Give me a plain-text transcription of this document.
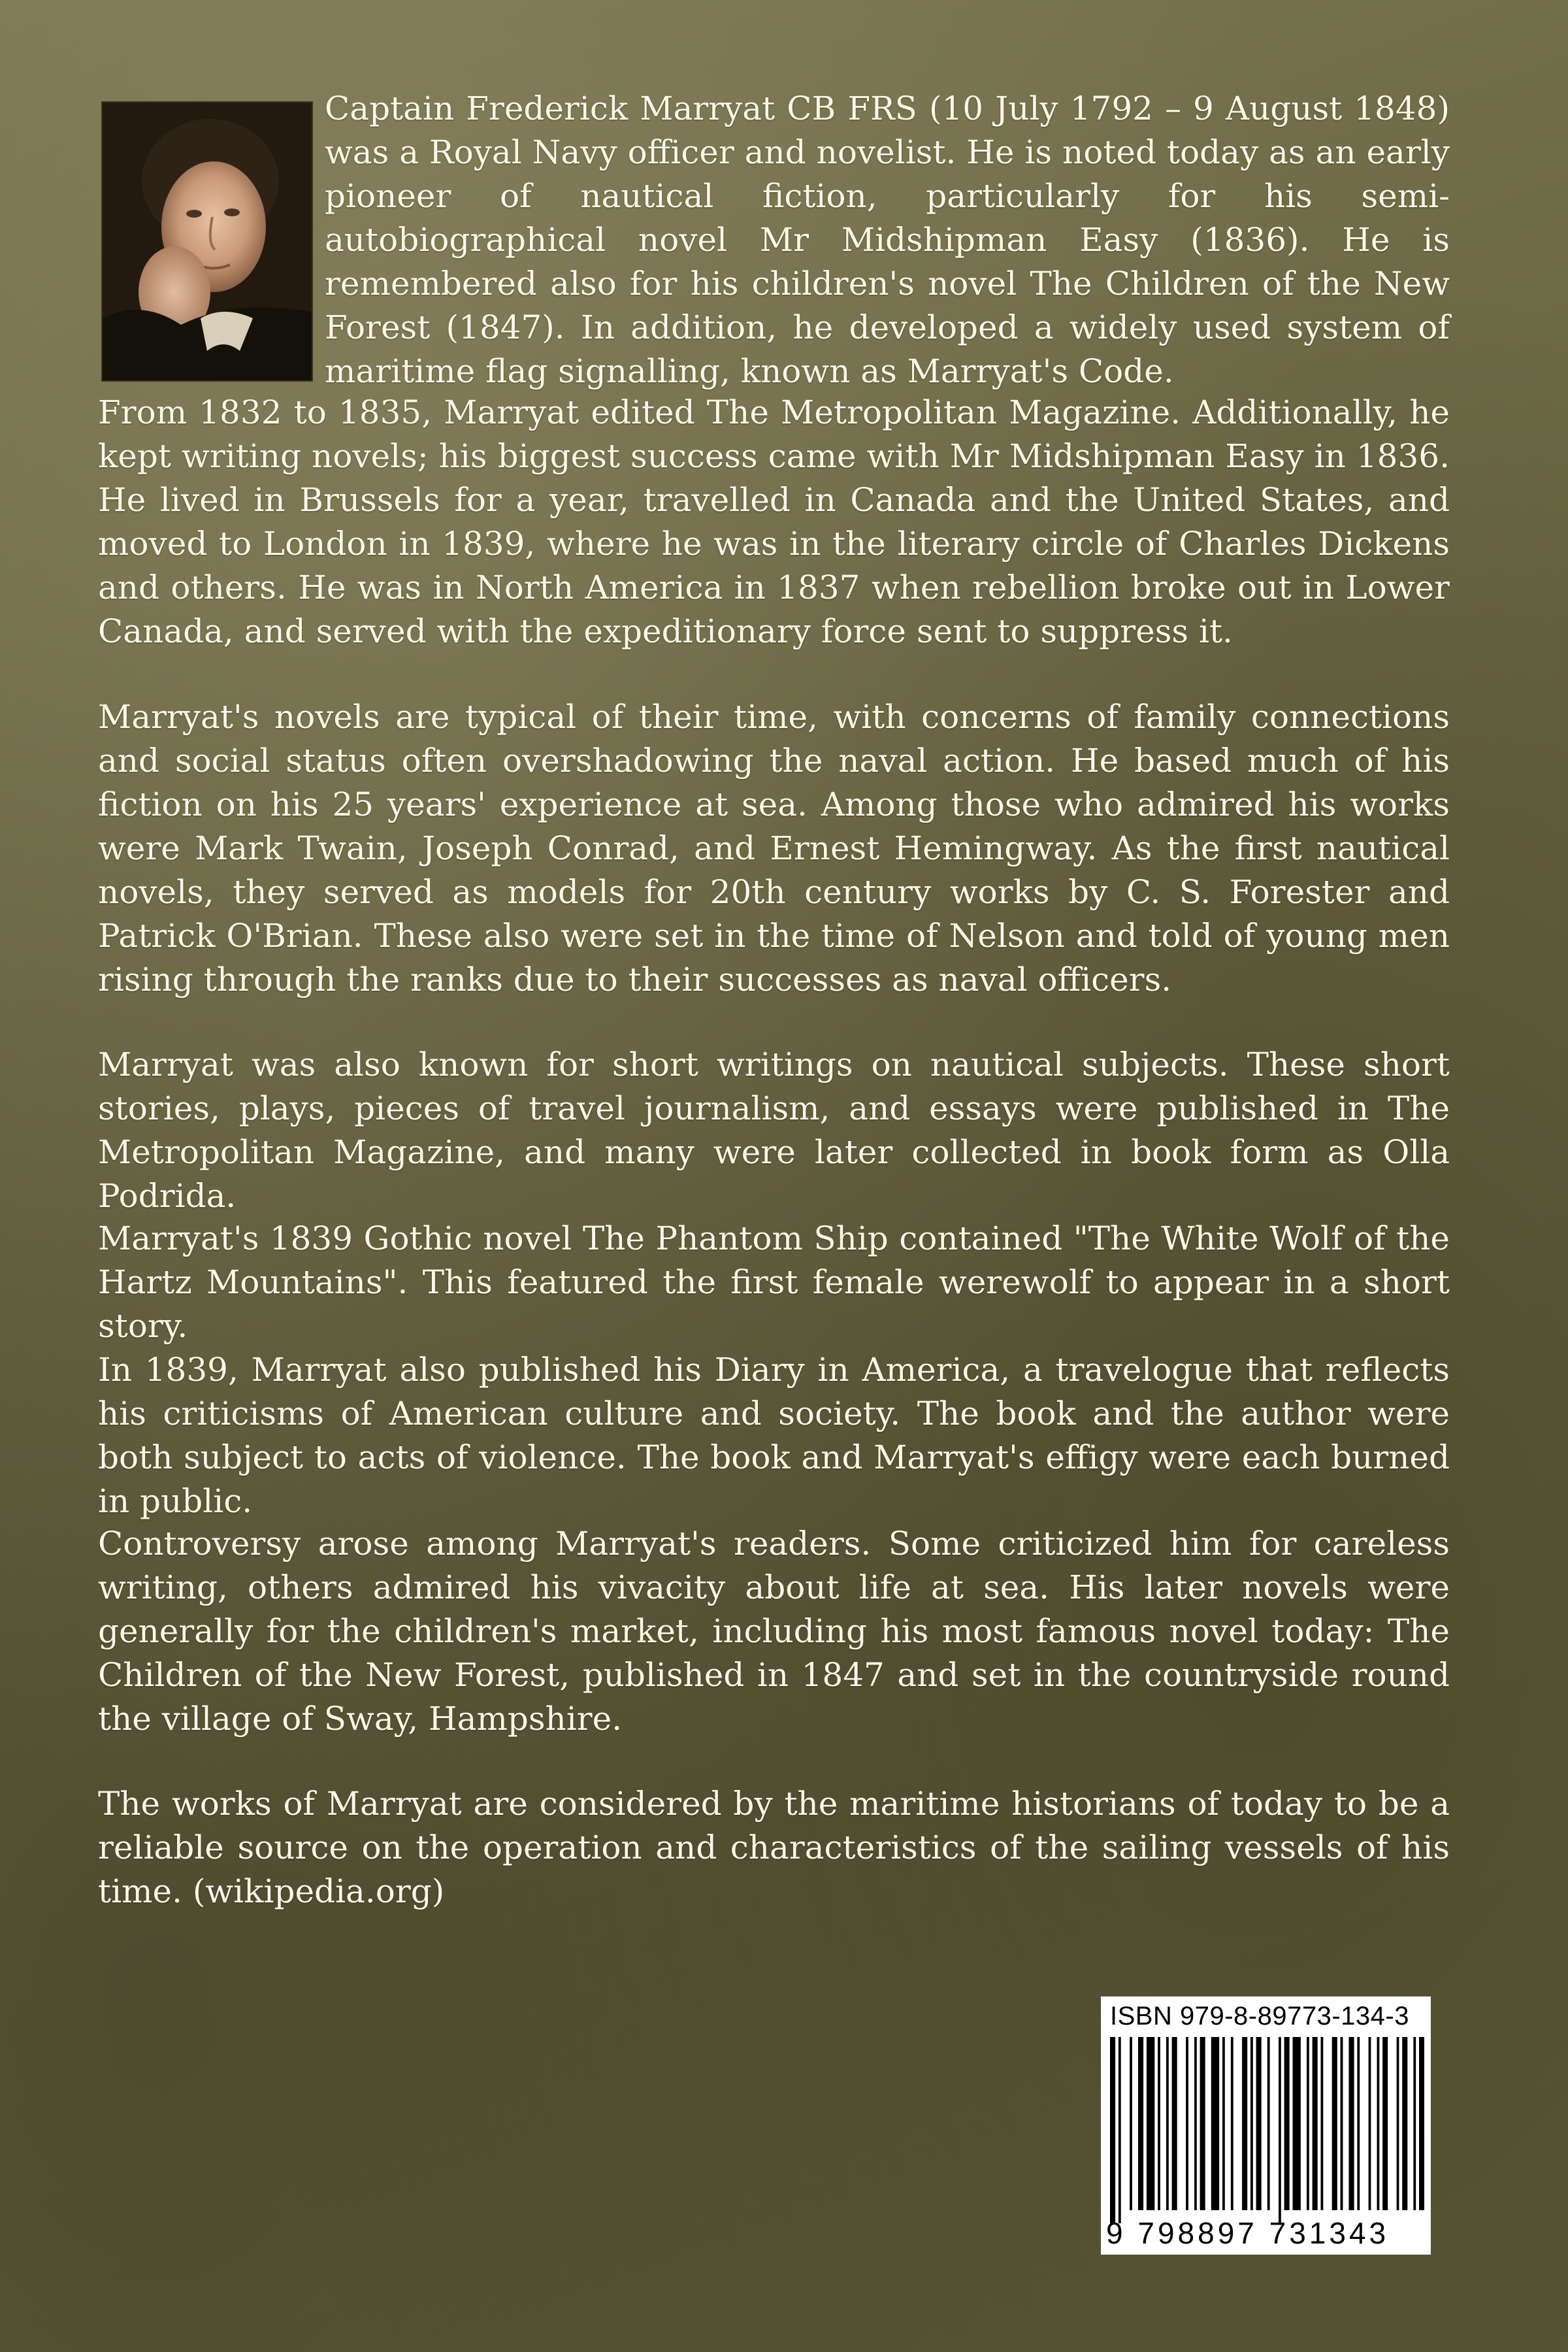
Captain Frederick Marryat CB FRS (10 July 1792 – 9 August 1848) was a Royal Navy officer and novelist. He is noted today as an early pioneer of nautical fiction, particularly for his semi-autobiographical novel Mr Midshipman Easy (1836). He is remembered also for his children's novel The Children of the New Forest (1847). In addition, he developed a widely used system of maritime flag signalling, known as Marryat's Code.

From 1832 to 1835, Marryat edited The Metropolitan Magazine. Additionally, he kept writing novels; his biggest success came with Mr Midshipman Easy in 1836. He lived in Brussels for a year, travelled in Canada and the United States, and moved to London in 1839, where he was in the literary circle of Charles Dickens and others. He was in North America in 1837 when rebellion broke out in Lower Canada, and served with the expeditionary force sent to suppress it.

Marryat's novels are typical of their time, with concerns of family connections and social status often overshadowing the naval action. He based much of his fiction on his 25 years' experience at sea. Among those who admired his works were Mark Twain, Joseph Conrad, and Ernest Hemingway. As the first nautical novels, they served as models for 20th century works by C. S. Forester and Patrick O'Brian. These also were set in the time of Nelson and told of young men rising through the ranks due to their successes as naval officers.

Marryat was also known for short writings on nautical subjects. These short stories, plays, pieces of travel journalism, and essays were published in The Metropolitan Magazine, and many were later collected in book form as Olla Podrida.

Marryat's 1839 Gothic novel The Phantom Ship contained "The White Wolf of the Hartz Mountains". This featured the first female werewolf to appear in a short story.

In 1839, Marryat also published his Diary in America, a travelogue that reflects his criticisms of American culture and society. The book and the author were both subject to acts of violence. The book and Marryat's effigy were each burned in public.

Controversy arose among Marryat's readers. Some criticized him for careless writing, others admired his vivacity about life at sea. His later novels were generally for the children's market, including his most famous novel today: The Children of the New Forest, published in 1847 and set in the countryside round the village of Sway, Hampshire.

The works of Marryat are considered by the maritime historians of today to be a reliable source on the operation and characteristics of the sailing vessels of his time. (wikipedia.org)

ISBN 979-8-89773-134-3
9 798897 731343
